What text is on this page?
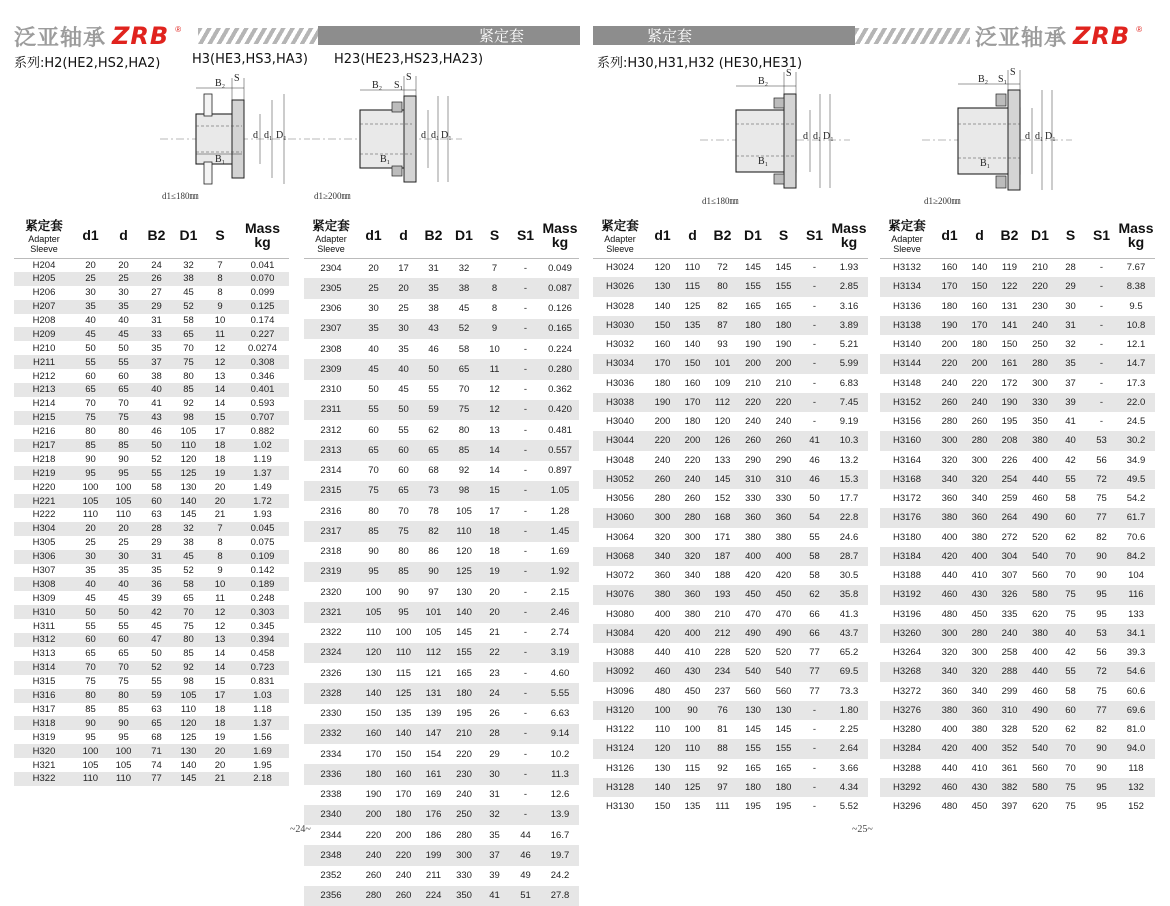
泛亚轴承 ZRB ®	紧定套	紧定套	泛亚轴承 ZRB ®
系列:H2(HE2,HS2,HA2) H3(HE3,HS3,HA3) H23(HE23,HS23,HA23)	系列:H30,H31,H32 (HE30,HE31)
S
B₂
d d₁ D₁
B₁
d1≤180㎜
S
S₁
B₂
d d₁ D₁
B₁
d1≥200㎜
S
B₂
d d₁ D₁
B₁
d1≤180㎜
S
S₁
B₂
d d₁ D₁
B₁
d1≥200㎜
紧定套
Adapter
Sleeve	d1	d	B2	D1	S	Mass
kg
H204	20	20	24	32	7	0.041
H205	25	25	26	38	8	0.070
H206	30	30	27	45	8	0.099
H207	35	35	29	52	9	0.125
H208	40	40	31	58	10	0.174
H209	45	45	33	65	11	0.227
H210	50	50	35	70	12	0.0274
H211	55	55	37	75	12	0.308
H212	60	60	38	80	13	0.346
H213	65	65	40	85	14	0.401
H214	70	70	41	92	14	0.593
H215	75	75	43	98	15	0.707
H216	80	80	46	105	17	0.882
H217	85	85	50	110	18	1.02
H218	90	90	52	120	18	1.19
H219	95	95	55	125	19	1.37
H220	100	100	58	130	20	1.49
H221	105	105	60	140	20	1.72
H222	110	110	63	145	21	1.93
H304	20	20	28	32	7	0.045
H305	25	25	29	38	8	0.075
H306	30	30	31	45	8	0.109
H307	35	35	35	52	9	0.142
H308	40	40	36	58	10	0.189
H309	45	45	39	65	11	0.248
H310	50	50	42	70	12	0.303
H311	55	55	45	75	12	0.345
H312	60	60	47	80	13	0.394
H313	65	65	50	85	14	0.458
H314	70	70	52	92	14	0.723
H315	75	75	55	98	15	0.831
H316	80	80	59	105	17	1.03
H317	85	85	63	110	18	1.18
H318	90	90	65	120	18	1.37
H319	95	95	68	125	19	1.56
H320	100	100	71	130	20	1.69
H321	105	105	74	140	20	1.95
H322	110	110	77	145	21	2.18
紧定套
Adapter
Sleeve	d1	d	B2	D1	S	S1	Mass
kg
2304	20	17	31	32	7	-	0.049
2305	25	20	35	38	8	-	0.087
2306	30	25	38	45	8	-	0.126
2307	35	30	43	52	9	-	0.165
2308	40	35	46	58	10	-	0.224
2309	45	40	50	65	11	-	0.280
2310	50	45	55	70	12	-	0.362
2311	55	50	59	75	12	-	0.420
2312	60	55	62	80	13	-	0.481
2313	65	60	65	85	14	-	0.557
2314	70	60	68	92	14	-	0.897
2315	75	65	73	98	15	-	1.05
2316	80	70	78	105	17	-	1.28
2317	85	75	82	110	18	-	1.45
2318	90	80	86	120	18	-	1.69
2319	95	85	90	125	19	-	1.92
2320	100	90	97	130	20	-	2.15
2321	105	95	101	140	20	-	2.46
2322	110	100	105	145	21	-	2.74
2324	120	110	112	155	22	-	3.19
2326	130	115	121	165	23	-	4.60
2328	140	125	131	180	24	-	5.55
2330	150	135	139	195	26	-	6.63
2332	160	140	147	210	28	-	9.14
2334	170	150	154	220	29	-	10.2
2336	180	160	161	230	30	-	11.3
2338	190	170	169	240	31	-	12.6
2340	200	180	176	250	32	-	13.9
2344	220	200	186	280	35	44	16.7
2348	240	220	199	300	37	46	19.7
2352	260	240	211	330	39	49	24.2
2356	280	260	224	350	41	51	27.8
紧定套
Adapter
Sleeve	d1	d	B2	D1	S	S1	Mass
kg
H3024	120	110	72	145	145	-	1.93
H3026	130	115	80	155	155	-	2.85
H3028	140	125	82	165	165	-	3.16
H3030	150	135	87	180	180	-	3.89
H3032	160	140	93	190	190	-	5.21
H3034	170	150	101	200	200	-	5.99
H3036	180	160	109	210	210	-	6.83
H3038	190	170	112	220	220	-	7.45
H3040	200	180	120	240	240	-	9.19
H3044	220	200	126	260	260	41	10.3
H3048	240	220	133	290	290	46	13.2
H3052	260	240	145	310	310	46	15.3
H3056	280	260	152	330	330	50	17.7
H3060	300	280	168	360	360	54	22.8
H3064	320	300	171	380	380	55	24.6
H3068	340	320	187	400	400	58	28.7
H3072	360	340	188	420	420	58	30.5
H3076	380	360	193	450	450	62	35.8
H3080	400	380	210	470	470	66	41.3
H3084	420	400	212	490	490	66	43.7
H3088	440	410	228	520	520	77	65.2
H3092	460	430	234	540	540	77	69.5
H3096	480	450	237	560	560	77	73.3
H3120	100	90	76	130	130	-	1.80
H3122	110	100	81	145	145	-	2.25
H3124	120	110	88	155	155	-	2.64
H3126	130	115	92	165	165	-	3.66
H3128	140	125	97	180	180	-	4.34
H3130	150	135	111	195	195	-	5.52
紧定套
Adapter
Sleeve	d1	d	B2	D1	S	S1	Mass
kg
H3132	160	140	119	210	28	-	7.67
H3134	170	150	122	220	29	-	8.38
H3136	180	160	131	230	30	-	9.5
H3138	190	170	141	240	31	-	10.8
H3140	200	180	150	250	32	-	12.1
H3144	220	200	161	280	35	-	14.7
H3148	240	220	172	300	37	-	17.3
H3152	260	240	190	330	39	-	22.0
H3156	280	260	195	350	41	-	24.5
H3160	300	280	208	380	40	53	30.2
H3164	320	300	226	400	42	56	34.9
H3168	340	320	254	440	55	72	49.5
H3172	360	340	259	460	58	75	54.2
H3176	380	360	264	490	60	77	61.7
H3180	400	380	272	520	62	82	70.6
H3184	420	400	304	540	70	90	84.2
H3188	440	410	307	560	70	90	104
H3192	460	430	326	580	75	95	116
H3196	480	450	335	620	75	95	133
H3260	300	280	240	380	40	53	34.1
H3264	320	300	258	400	42	56	39.3
H3268	340	320	288	440	55	72	54.6
H3272	360	340	299	460	58	75	60.6
H3276	380	360	310	490	60	77	69.6
H3280	400	380	328	520	62	82	81.0
H3284	420	400	352	540	70	90	94.0
H3288	440	410	361	560	70	90	118
H3292	460	430	382	580	75	95	132
H3296	480	450	397	620	75	95	152
~24~	~25~
